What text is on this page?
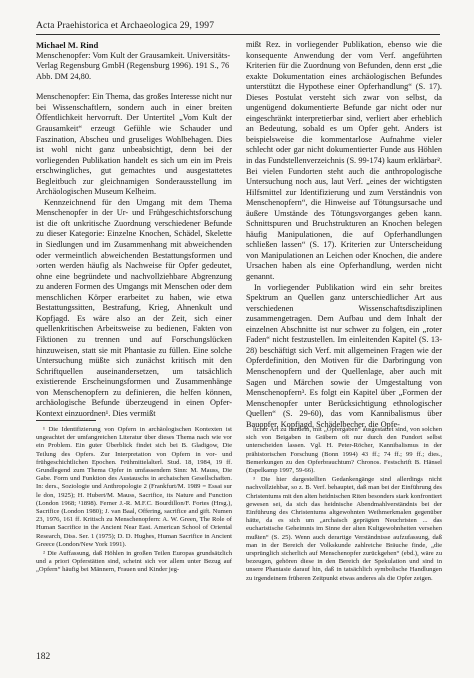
Acta Praehistorica et Archaeologica 29, 1997
Michael M. Rind
Menschenopfer: Vom Kult der Grausamkeit. Universitäts-Verlag Regensburg GmbH (Regensburg 1996). 191 S., 76 Abb. DM 24,80.

Menschenopfer: Ein Thema, das großes Interesse nicht nur bei Wissenschaftlern, sondern auch in einer breiten Öffentlichkeit hervorruft. Der Untertitel „Vom Kult der Grausamkeit“ erzeugt Gefühle wie Schauder und Faszination, Abscheu und gruseliges Wohlbehagen. Dies ist wohl nicht ganz unbeabsichtigt, denn bei der vorliegenden Publikation handelt es sich um ein im Preis erschwingliches, gut gemachtes und ausgestattetes Begleitbuch zur gleichnamigen Sonderausstellung im Archäologischen Museum Kelheim.

Kennzeichnend für den Umgang mit dem Thema Menschenopfer in der Ur- und Frühgeschichtsforschung ist die oft unkritische Zuordnung verschiedener Befunde zu dieser Kategorie: Einzelne Knochen, Schädel, Skelette in Siedlungen und im Zusammenhang mit abweichenden oder vermeintlich abweichenden Bestattungsformen und ›orten werden häufig als Nachweise für Opfer gedeutet, ohne eine begründete und nachvollziehbare Abgrenzung zu anderen Formen des Umgangs mit Menschen oder dem menschlichen Körper erarbeitet zu haben, wie etwa Bestattungssitten, Bestrafung, Krieg, Ahnenkult und Kopfjagd. Es wäre also an der Zeit, sich einer quellenkritischen Arbeitsweise zu bedienen, Fakten von Fiktionen zu trennen und auf Forschungslücken hinzuweisen, statt sie mit Phantasie zu füllen. Eine solche Untersuchung müßte sich zunächst kritisch mit den Schriftquellen auseinandersetzen, um tatsächlich existierende Erscheinungsformen und Zusammenhänge von Menschenopfern zu definieren, die helfen können, archäologische Befunde überzeugend in einen Opfer-Kontext einzuordnen¹. Dies vermißt

mißt Rez. in vorliegender Publikation, ebenso wie die konsequente Anwendung der vom Verf. angeführten Kriterien für die Zuordnung von Befunden, denn erst „die exakte Dokumentation eines archäologischen Befundes unterstützt die Hypothese einer Opferhandlung“ (S. 17). Dieses Postulat versteht sich zwar von selbst, da ungenügend dokumentierte Befunde gar nicht oder nur eingeschränkt interpretierbar sind, verliert aber erheblich an Bedeutung, sobald es um Opfer geht. Anders ist beispielsweise die kommentarlose Aufnahme vieler schlecht oder gar nicht dokumentierter Funde aus Höhlen in das Fundstellenverzeichnis (S. 99-174) kaum erklärbar². Bei vielen Fundorten steht auch die anthropologische Untersuchung noch aus, laut Verf. „eines der wichtigsten Hilfsmittel zur Identifizierung und zum Verständnis von Menschenopfern“, die Hinweise auf Tötungsursache und äußere Umstände des Tötungsvorganges geben kann. Schnittspuren und Bruchstrukturen an Knochen belegen häufig Manipulationen, die auf Opferhandlungen schließen lassen“ (S. 17). Kriterien zur Unterscheidung von Manipulationen an Leichen oder Knochen, die andere Ursachen haben als eine Opferhandlung, werden nicht genannt.

In vorliegender Publikation wird ein sehr breites Spektrum an Quellen ganz unterschiedlicher Art aus verschiedenen Wissenschaftsdisziplinen zusammengetragen. Dem Aufbau und dem Inhalt der einzelnen Abschnitte ist nur schwer zu folgen, ein „roter Faden“ nicht festzustellen. Im einleitenden Kapitel (S. 13-28) beschäftigt sich Verf. mit allgemeinen Fragen wie der Opferdefinition, den Motiven für die Darbringung von Menschenopfern und der Quellenlage, aber auch mit Sagen und Märchen sowie der Umgestaltung von Menschenopfern³. Es folgt ein Kapitel über „Formen der Menschenopfer unter Berücksichtigung ethnologischer Quellen“ (S. 29-60), das vom Kannibalismus über Bauopfer, Kopfjagd, Schädelbecher, die Opfe-

¹ Die Identifizierung von Opfern in archäologischen Kontexten ist ungeachtet der umfangreichen Literatur über dieses Thema nach wie vor ein Problem. Ein guter Überblick findet sich bei B. Gladigow, Die Teilung des Opfers. Zur Interpretation von Opfern in vor- und frühgeschichtlichen Epochen. Frühmittelalterl. Stud. 18, 1984, 19 ff. Grundlegend zum Thema Opfer in umfassendem Sinn: M. Mauss, Die Gabe. Form und Funktion des Austauschs in archaischen Gesellschaften. In: ders., Soziologie und Anthropologie 2 (Frankfurt/M. 1989 = Essai sur le don, 1925); H. Hubert/M. Mauss, Sacrifice, its Nature and Function (London 1968; ¹1898). Ferner J.-R. M.F.C. Bourdillon/F. Fortes (Hrsg.), Sacrifice (London 1980); J. van Baal, Offering, sacrifice and gift. Numen 23, 1976, 161 ff. Kritisch zu Menschenopfern: A. W. Green, The Role of Human Sacrifice in the Ancient Near East. American School of Oriental Research, Diss. Ser. 1 (1975); D. D. Hughes, Human Sacrifice in Ancient Greece (London/New York 1991).

² Die Auffassung, daß Höhlen in großen Teilen Europas grundsätzlich und a priori Opferstätten sind, scheint sich vor allem unter Bezug auf „Opfern“ häufig bei Männern, Frauen und Kinder jeg-

licher Art zu handeln, mit „Opfergaben“ ausgestattet sind, von solchen sich von Beigaben in Gräbern oft nur durch den Fundort selbst unterscheiden lassen. Vgl. H. Peter-Röcher, Kannibalismus in der prähistorischen Forschung (Bonn 1994) 43 ff.; 74 ff.; 99 ff.; dies., Bemerkungen zu den Opferbrauchtum? Chronos. Festschrift B. Hänsel (Espelkamp 1997, 59-66).

³ Die hier dargestellten Gedankengänge sind allerdings nicht nachvollziehbar, so z. B. Verf. behauptet, daß man bei der Einführung des Christentums mit den alten heidnischen Riten besonders stark konfrontiert gewesen sei, da sich das heidnische Abendmahlverständnis bei der Einführung des Christentums altgewohnten Weihmerkmalen gegenüber hätte, da es sich um „archaisch geprägten Neuchristen ... das eucharistische Geheimnis im Sinne der alten Kultgewohnheiten versehen mußten“ (S. 25). Wenn auch derartige Verständnisse aufzufassung, daß man in der Bereich der Volkskunde zahlreiche Bräuche finde, „die ursprünglich sicherlich auf Menschenopfer zurückgehen“ (ebd.), wäre zu bezeugen, gehören diese in den Bereich der Spekulation und sind in unsere Phantasie darauf hin, daß in tatsächlich symbolische Handlungen zu irgendeinem früheren Zeitpunkt etwas anderes als die Opfer zeigen.

182
